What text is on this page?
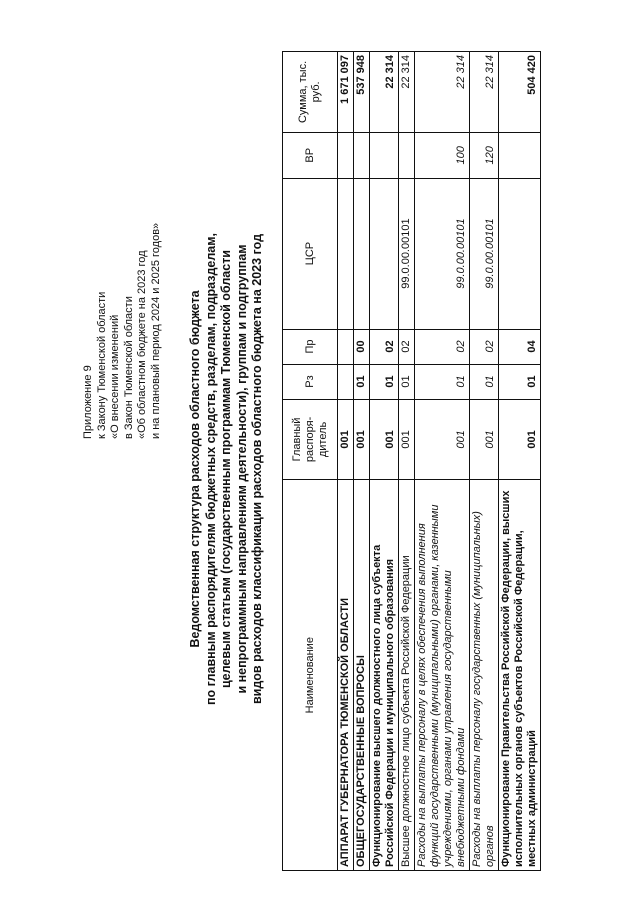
Приложение 9 к Закону Тюменской области «О внесении изменений в Закон Тюменской области «Об областном бюджете на 2023 год и на плановый период 2024 и 2025 годов» Ведомственная структура расходов областного бюджета по главным распорядителям бюджетных средств, разделам, подразделам, целевым статьям (государственным программам Тюменской области и непрограммным направлениям деятельности), группам и подгруппам видов расходов классификации расходов областного бюджета на 2023 год	Наименование	Главный распоря-дитель	Рз	Пр	ЦСР	ВР	Сумма, тыс. руб.
АППАРАТ ГУБЕРНАТОРА ТЮМЕНСКОЙ ОБЛАСТИ	001					1 671 097
ОБЩЕГОСУДАРСТВЕННЫЕ ВОПРОСЫ	001	01	00			537 948
Функционирование высшего должностного лица субъекта Российской Федерации и муниципального образования	001	01	02			22 314
Высшее должностное лицо субъекта Российской Федерации	001	01	02	99.0.00.00101		22 314
Расходы на выплаты персоналу в целях обеспечения выполнения функций государственными (муниципальными) органами, казенными учреждениями, органами управления государственными внебюджетными фондами	001	01	02	99.0.00.00101	100	22 314
Расходы на выплаты персоналу государственных (муниципальных) органов	001	01	02	99.0.00.00101	120	22 314
Функционирование Правительства Российской Федерации, высших исполнительных органов субъектов Российской Федерации, местных администраций	001	01	04			504 420
